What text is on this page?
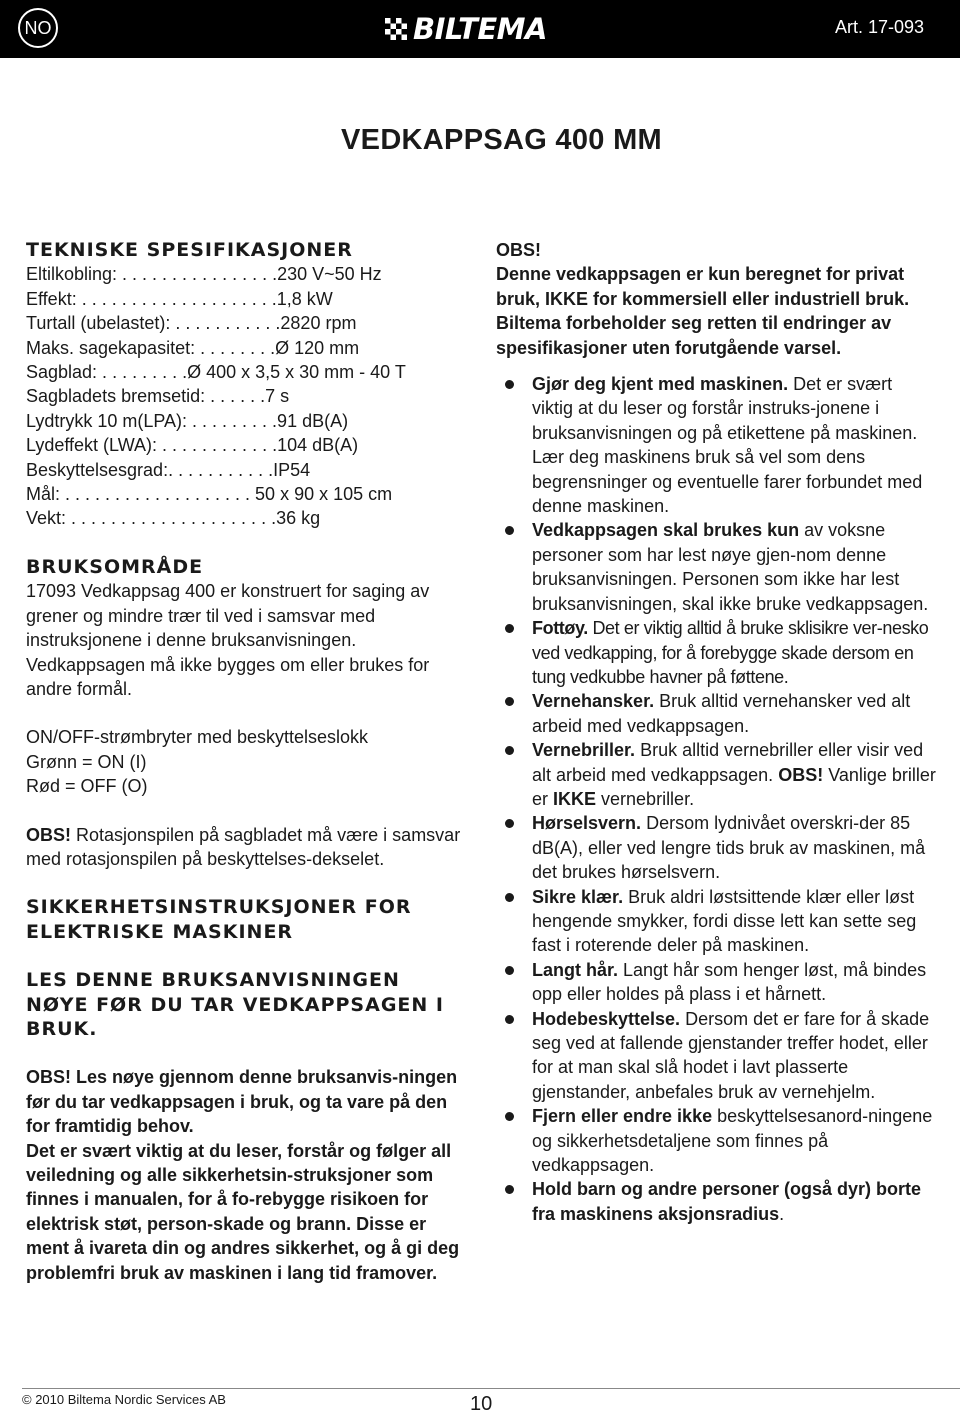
NO	BILTEMA	Art. 17-093
VEDKAPPSAG 400 MM
TEKNISKE SPESIFIKASJONER
Eltilkobling: . . . . . . . . . . . . . . . .230 V~50 Hz
Effekt: . . . . . . . . . . . . . . . . . . . .1,8 kW
Turtall (ubelastet): . . . . . . . . . . .2820 rpm
Maks. sagekapasitet: . . . . . . . .Ø 120 mm
Sagblad: . . . . . . . . .Ø 400 x 3,5 x 30 mm - 40 T
Sagbladets bremsetid: . . . . . .7 s
Lydtrykk 10 m(LPA): . . . . . . . . .91 dB(A)
Lydeffekt (LWA): . . . . . . . . . . . .104 dB(A)
Beskyttelsesgrad:. . . . . . . . . . .IP54
Mål: . . . . . . . . . . . . . . . . . . . 50 x 90 x 105 cm
Vekt: . . . . . . . . . . . . . . . . . . . . .36 kg
BRUKSOMRÅDE

17093 Vedkappsag 400 er konstruert for saging av grener og mindre trær til ved i samsvar med instruksjonene i denne bruksanvisningen. Vedkappsagen må ikke bygges om eller brukes for andre formål.

ON/OFF-strømbryter med beskyttelseslokk

Grønn = ON (I)

Rød = OFF (O)

OBS! Rotasjonspilen på sagbladet må være i samsvar med rotasjonspilen på beskyttelses-dekselet.

SIKKERHETSINSTRUKSJONER FOR ELEKTRISKE MASKINER
LES DENNE BRUKSANVISNINGEN NØYE FØR DU TAR VEDKAPPSAGEN I BRUK.

OBS! Les nøye gjennom denne bruksanvis-ningen før du tar vedkappsagen i bruk, og ta vare på den for framtidig behov.

Det er svært viktig at du leser, forstår og følger all veiledning og alle sikkerhetsin-struksjoner som finnes i manualen, for å fo-rebygge risikoen for elektrisk støt, person-skade og brann. Disse er ment å ivareta din og andres sikkerhet, og å gi deg problemfri bruk av maskinen i lang tid framover.

OBS!

Denne vedkappsagen er kun beregnet for privat bruk, IKKE for kommersiell eller industriell bruk.

Biltema forbeholder seg retten til endringer av spesifikasjoner uten forutgående varsel.

Gjør deg kjent med maskinen. Det er svært viktig at du leser og forstår instruks-jonene i bruksanvisningen og på etikettene på maskinen. Lær deg maskinens bruk så vel som dens begrensninger og eventuelle farer forbundet med denne maskinen.
Vedkappsagen skal brukes kun av voksne personer som har lest nøye gjen-nom denne bruksanvisningen. Personen som ikke har lest bruksanvisningen, skal ikke bruke vedkappsagen.
Fottøy. Det er viktig alltid å bruke sklisikre ver-nesko ved vedkapping, for å forebygge skade dersom en tung vedkubbe havner på føttene.
Vernehansker. Bruk alltid vernehansker ved alt arbeid med vedkappsagen.
Vernebriller. Bruk alltid vernebriller eller visir ved alt arbeid med vedkappsagen. OBS! Vanlige briller er IKKE vernebriller.
Hørselsvern. Dersom lydnivået overskri-der 85 dB(A), eller ved lengre tids bruk av maskinen, må det brukes hørselsvern.
Sikre klær. Bruk aldri løstsittende klær eller løst hengende smykker, fordi disse lett kan sette seg fast i roterende deler på maskinen.
Langt hår. Langt hår som henger løst, må bindes opp eller holdes på plass i et hårnett.
Hodebeskyttelse. Dersom det er fare for å skade seg ved at fallende gjenstander treffer hodet, eller for at man skal slå hodet i lavt plasserte gjenstander, anbefales bruk av vernehjelm.
Fjern eller endre ikke beskyttelsesanord-ningene og sikkerhetsdetaljene som finnes på vedkappsagen.
Hold barn og andre personer (også dyr) borte fra maskinens aksjonsradius.
© 2010 Biltema Nordic Services AB	10
